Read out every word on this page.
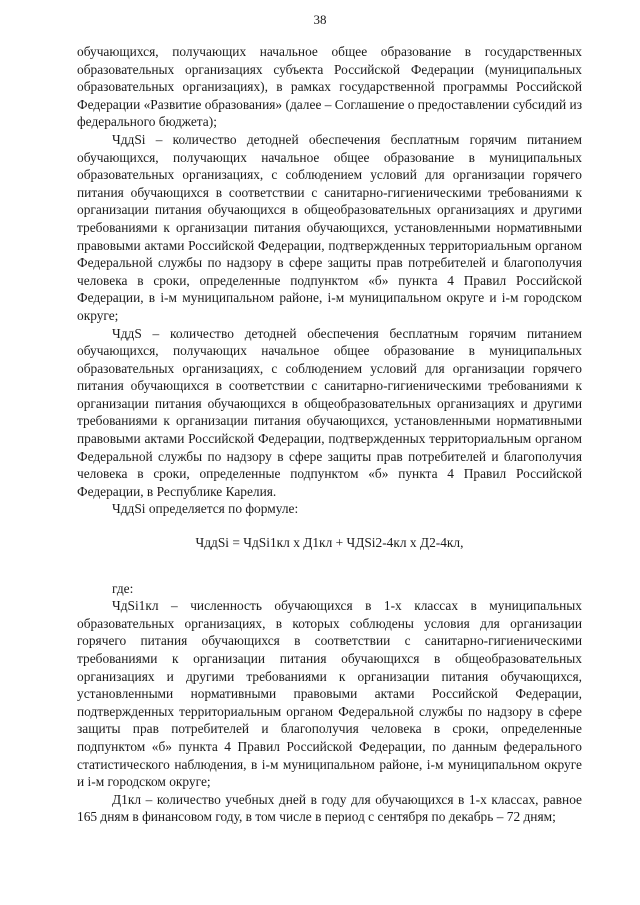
38

обучающихся, получающих начальное общее образование в государственных образовательных организациях субъекта Российской Федерации (муниципальных образовательных организациях), в рамках государственной программы Российской Федерации «Развитие образования» (далее – Соглашение о предоставлении субсидий из федерального бюджета);

ЧддSi – количество детодней обеспечения бесплатным горячим питанием обучающихся, получающих начальное общее образование в муниципальных образовательных организациях, с соблюдением условий для организации горячего питания обучающихся в соответствии с санитарно-гигиеническими требованиями к организации питания обучающихся в общеобразовательных организациях и другими требованиями к организации питания обучающихся, установленными нормативными правовыми актами Российской Федерации, подтвержденных территориальным органом Федеральной службы по надзору в сфере защиты прав потребителей и благополучия человека в сроки, определенные подпунктом «б» пункта 4 Правил Российской Федерации, в i-м муниципальном районе, i-м муниципальном округе и i-м городском округе;

ЧддS – количество детодней обеспечения бесплатным горячим питанием обучающихся, получающих начальное общее образование в муниципальных образовательных организациях, с соблюдением условий для организации горячего питания обучающихся в соответствии с санитарно-гигиеническими требованиями к организации питания обучающихся в общеобразовательных организациях и другими требованиями к организации питания обучающихся, установленными нормативными правовыми актами Российской Федерации, подтвержденных территориальным органом Федеральной службы по надзору в сфере защиты прав потребителей и благополучия человека в сроки, определенные подпунктом «б» пункта 4 Правил Российской Федерации, в Республике Карелия.

ЧддSi определяется по формуле:

ЧддSi = ЧдSi1кл x Д1кл + ЧДSi2-4кл x Д2-4кл,

где:

ЧдSi1кл – численность обучающихся в 1-х классах в муниципальных образовательных организациях, в которых соблюдены условия для организации горячего питания обучающихся в соответствии с санитарно-гигиеническими требованиями к организации питания обучающихся в общеобразовательных организациях и другими требованиями к организации питания обучающихся, установленными нормативными правовыми актами Российской Федерации, подтвержденных территориальным органом Федеральной службы по надзору в сфере защиты прав потребителей и благополучия человека в сроки, определенные подпунктом «б» пункта 4 Правил Российской Федерации, по данным федерального статистического наблюдения, в i-м муниципальном районе, i-м муниципальном округе и i-м городском округе;

Д1кл – количество учебных дней в году для обучающихся в 1-х классах, равное 165 дням в финансовом году, в том числе в период с сентября по декабрь – 72 дням;
